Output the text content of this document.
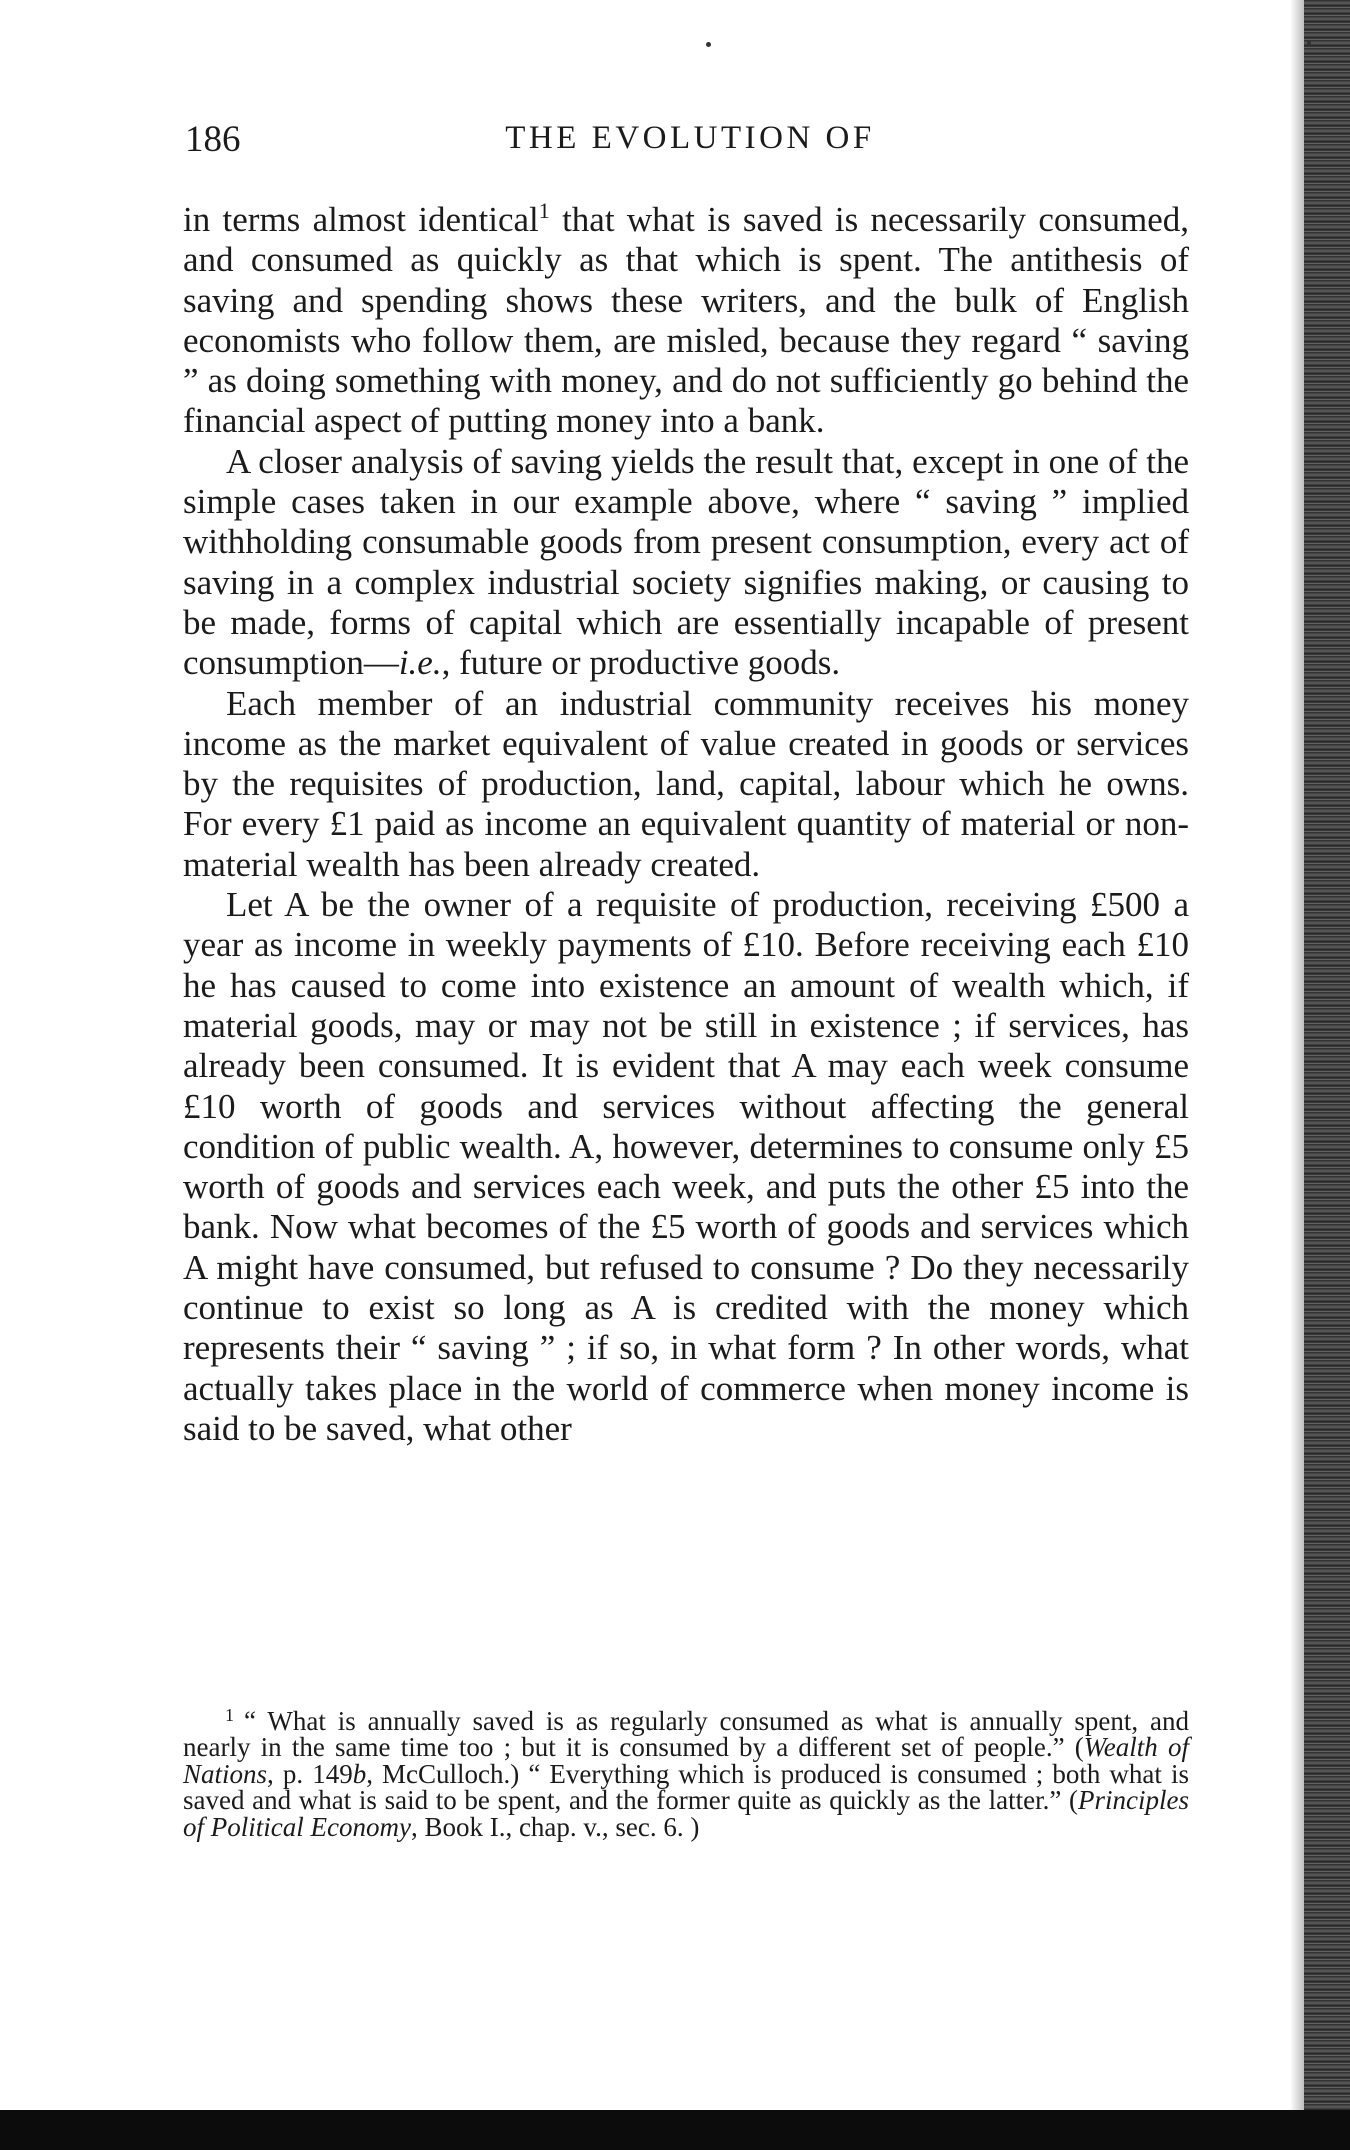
186	THE EVOLUTION OF

in terms almost identical$^1$ that what is saved is necessarily consumed, and consumed as quickly as that which is spent. The antithesis of saving and spending shows these writers, and the bulk of English economists who follow them, are misled, because they regard “ saving ” as doing something with money, and do not sufficiently go behind the financial aspect of putting money into a bank.

A closer analysis of saving yields the result that, except in one of the simple cases taken in our example above, where “ saving ” implied withholding consumable goods from present consumption, every act of saving in a complex industrial society signifies making, or causing to be made, forms of capital which are essentially incapable of present consumption—i.e., future or productive goods.

Each member of an industrial community receives his money income as the market equivalent of value created in goods or services by the requisites of production, land, capital, labour which he owns. For every £1 paid as income an equivalent quantity of material or non-material wealth has been already created.

Let A be the owner of a requisite of production, receiving £500 a year as income in weekly payments of £10. Before receiving each £10 he has caused to come into existence an amount of wealth which, if material goods, may or may not be still in existence ; if services, has already been consumed. It is evident that A may each week consume £10 worth of goods and services without affecting the general condition of public wealth. A, however, determines to consume only £5 worth of goods and services each week, and puts the other £5 into the bank. Now what becomes of the £5 worth of goods and services which A might have consumed, but refused to consume ? Do they necessarily continue to exist so long as A is credited with the money which represents their “ saving ” ; if so, in what form ? In other words, what actually takes place in the world of commerce when money income is said to be saved, what other

$^1$ “ What is annually saved is as regularly consumed as what is annually spent, and nearly in the same time too ; but it is consumed by a different set of people.” (Wealth of Nations, p. 149b, McCulloch.) “ Everything which is produced is consumed ; both what is saved and what is said to be spent, and the former quite as quickly as the latter.” (Principles of Political Economy, Book I., chap. v., sec. 6. )
